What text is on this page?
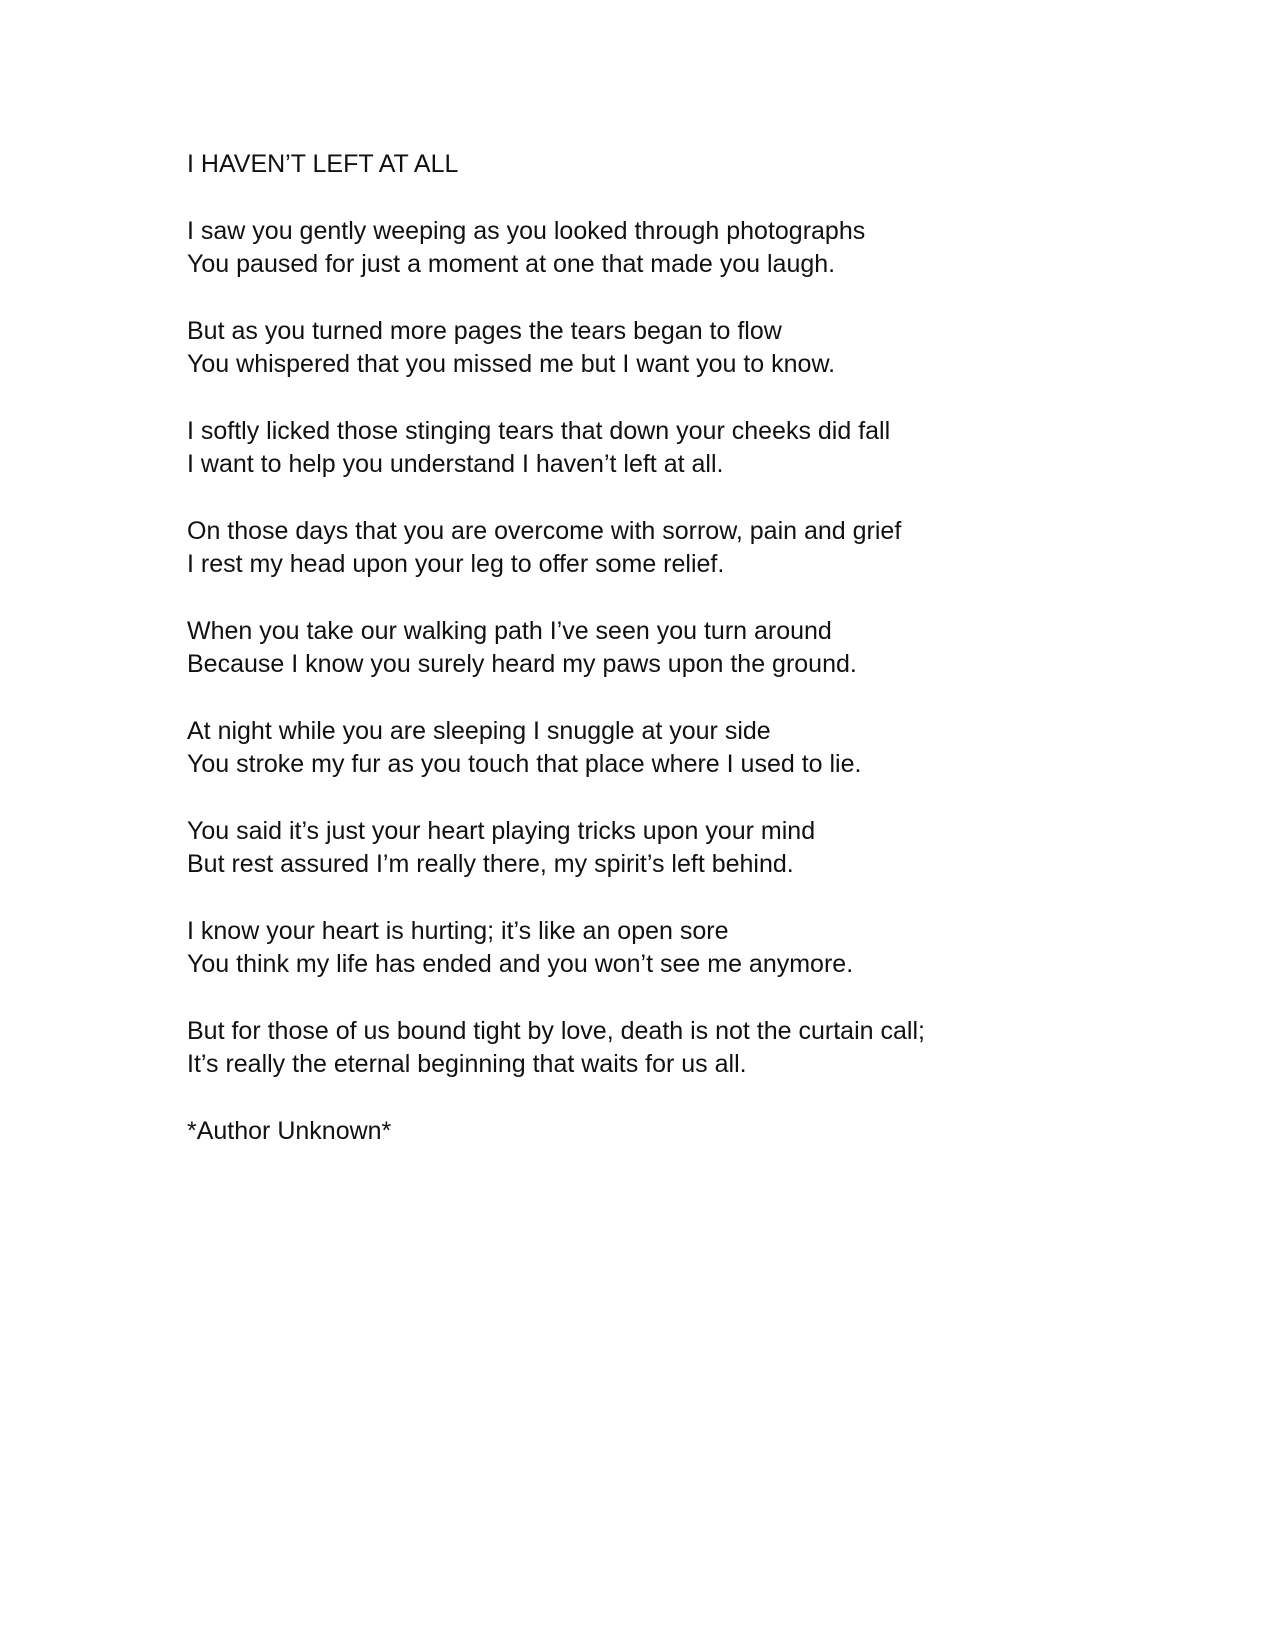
I HAVEN’T LEFT AT ALL

I saw you gently weeping as you looked through photographs
You paused for just a moment at one that made you laugh.

But as you turned more pages the tears began to flow
You whispered that you missed me but I want you to know.

I softly licked those stinging tears that down your cheeks did fall
I want to help you understand I haven’t left at all.

On those days that you are overcome with sorrow, pain and grief
I rest my head upon your leg to offer some relief.

When you take our walking path I’ve seen you turn around
Because I know you surely heard my paws upon the ground.

At night while you are sleeping I snuggle at your side
You stroke my fur as you touch that place where I used to lie.

You said it’s just your heart playing tricks upon your mind
But rest assured I’m really there, my spirit’s left behind.

I know your heart is hurting; it’s like an open sore
You think my life has ended and you won’t see me anymore.

But for those of us bound tight by love, death is not the curtain call;
It’s really the eternal beginning that waits for us all.

*Author Unknown*
